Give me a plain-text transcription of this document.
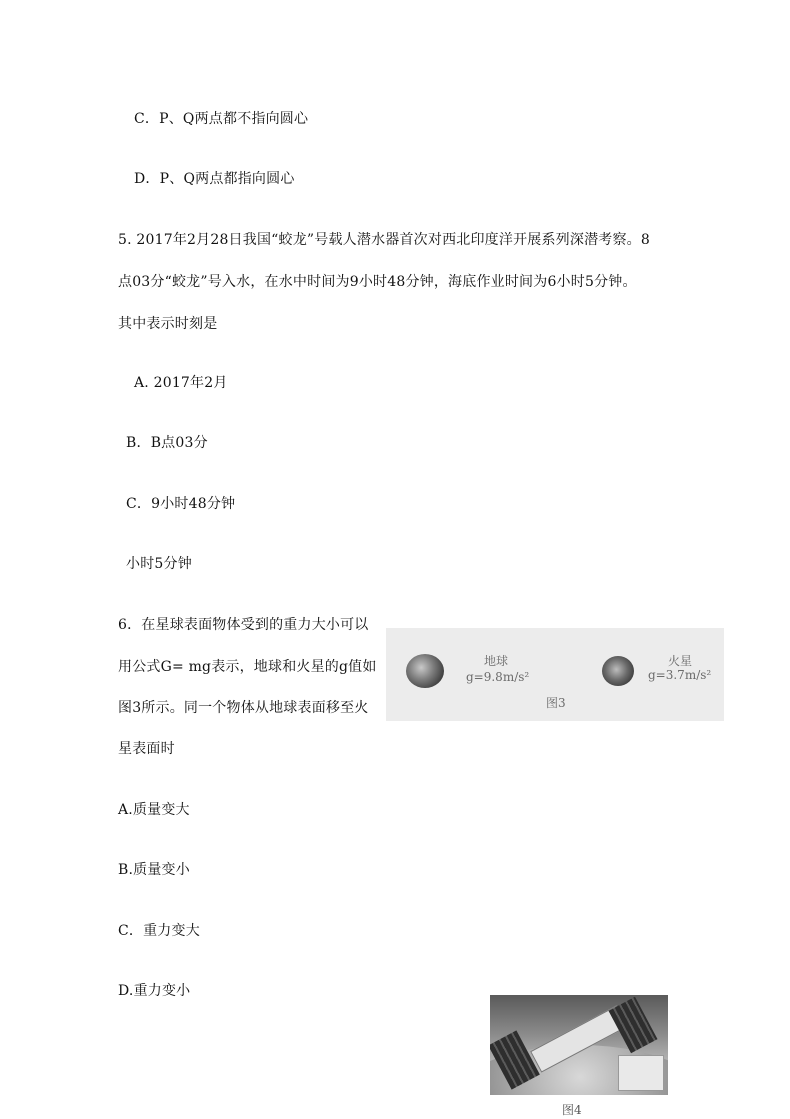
C．P、Q两点都不指向圆心
D．P、Q两点都指向圆心
5. 2017年2月28日我国“蛟龙”号载人潜水器首次对西北印度洋开展系列深潜考察。8
点03分“蛟龙”号入水，在水中时间为9小时48分钟，海底作业时间为6小时5分钟。
其中表示时刻是
A. 2017年2月
B．B点03分
C．9小时48分钟
小时5分钟
6．在星球表面物体受到的重力大小可以
用公式G= mg表示，地球和火星的g值如
图3所示。同一个物体从地球表面移至火
星表面时
地球
g=9.8m/s²
火星
g=3.7m/s²
图3
A.质量变大
B.质量变小
C．重力变大
D.重力变小
图4
